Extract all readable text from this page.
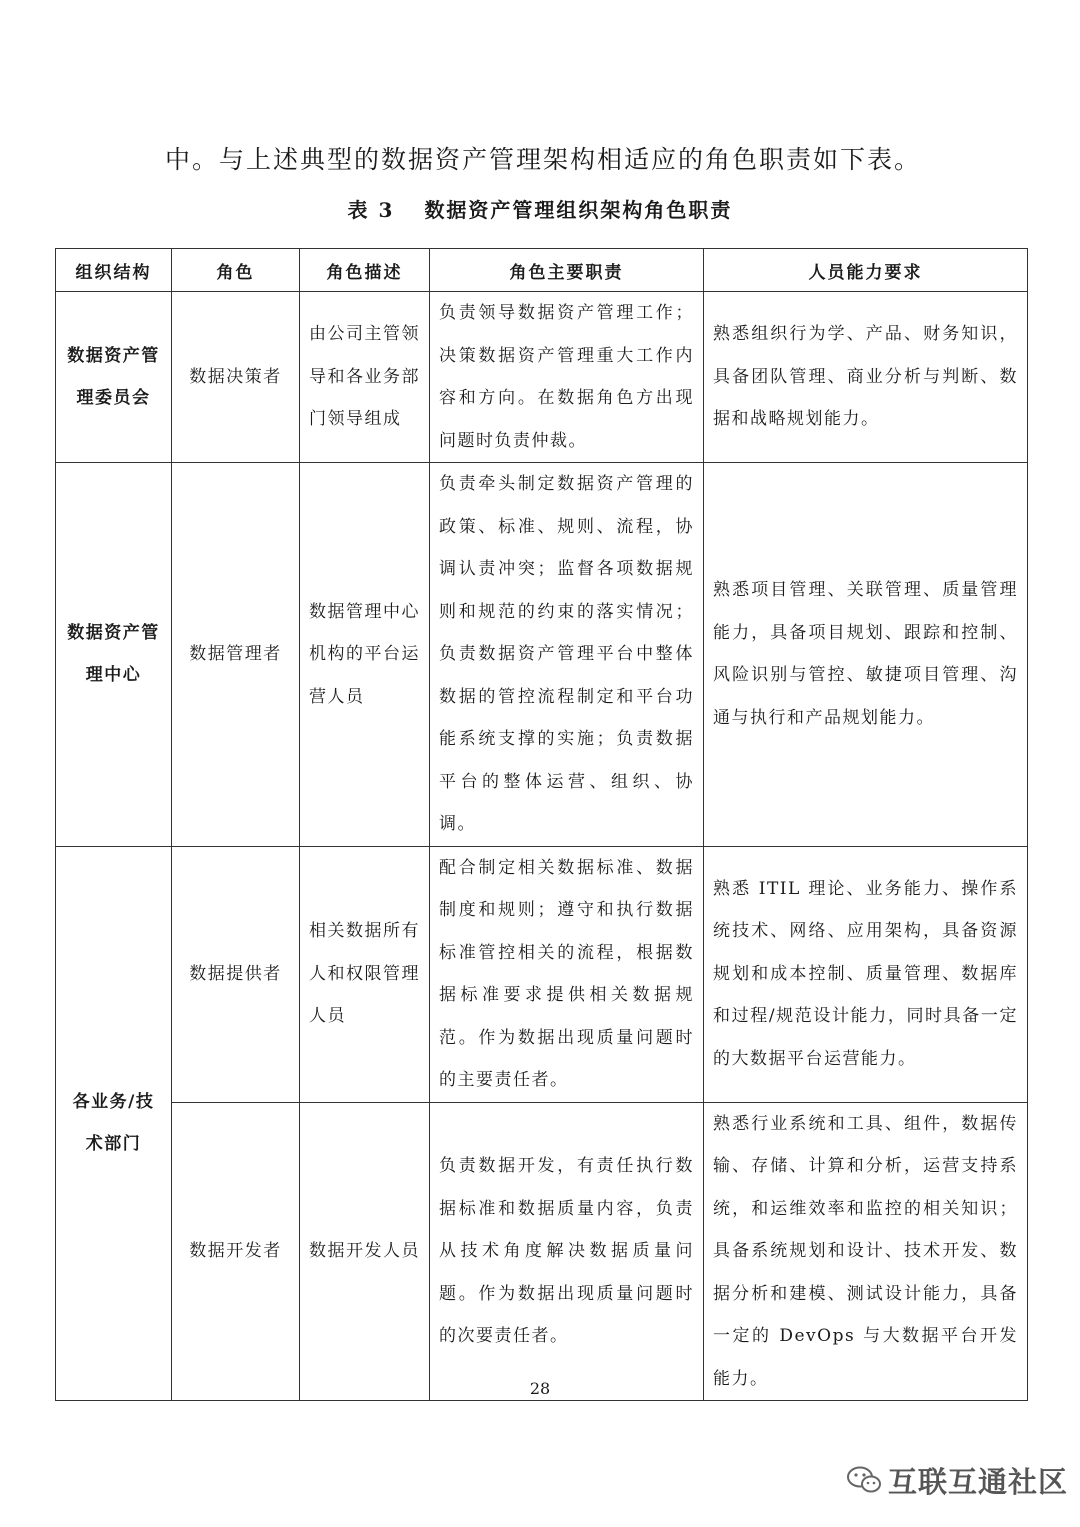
中。与上述典型的数据资产管理架构相适应的角色职责如下表。

表 3 数据资产管理组织架构角色职责

组织结构	角色	角色描述	角色主要职责	人员能力要求
数据资产管理委员会	数据决策者	由公司主管领导和各业务部门领导组成	负责领导数据资产管理工作；决策数据资产管理重大工作内容和方向。在数据角色方出现问题时负责仲裁。	熟悉组织行为学、产品、财务知识，具备团队管理、商业分析与判断、数据和战略规划能力。
数据资产管理中心	数据管理者	数据管理中心机构的平台运营人员	负责牵头制定数据资产管理的政策、标准、规则、流程，协调认责冲突；监督各项数据规则和规范的约束的落实情况；负责数据资产管理平台中整体数据的管控流程制定和平台功能系统支撑的实施；负责数据平台的整体运营、组织、协调。	熟悉项目管理、关联管理、质量管理能力，具备项目规划、跟踪和控制、风险识别与管控、敏捷项目管理、沟通与执行和产品规划能力。
各业务/技术部门	数据提供者	相关数据所有人和权限管理人员	配合制定相关数据标准、数据制度和规则；遵守和执行数据标准管控相关的流程，根据数据标准要求提供相关数据规范。作为数据出现质量问题时的主要责任者。	熟悉 ITIL 理论、业务能力、操作系统技术、网络、应用架构，具备资源规划和成本控制、质量管理、数据库和过程/规范设计能力，同时具备一定的大数据平台运营能力。
	数据开发者	数据开发人员	负责数据开发，有责任执行数据标准和数据质量内容，负责从技术角度解决数据质量问题。作为数据出现质量问题时的次要责任者。	熟悉行业系统和工具、组件，数据传输、存储、计算和分析，运营支持系统，和运维效率和监控的相关知识；具备系统规划和设计、技术开发、数据分析和建模、测试设计能力，具备一定的 DevOps 与大数据平台开发能力。

28

互联互通社区
